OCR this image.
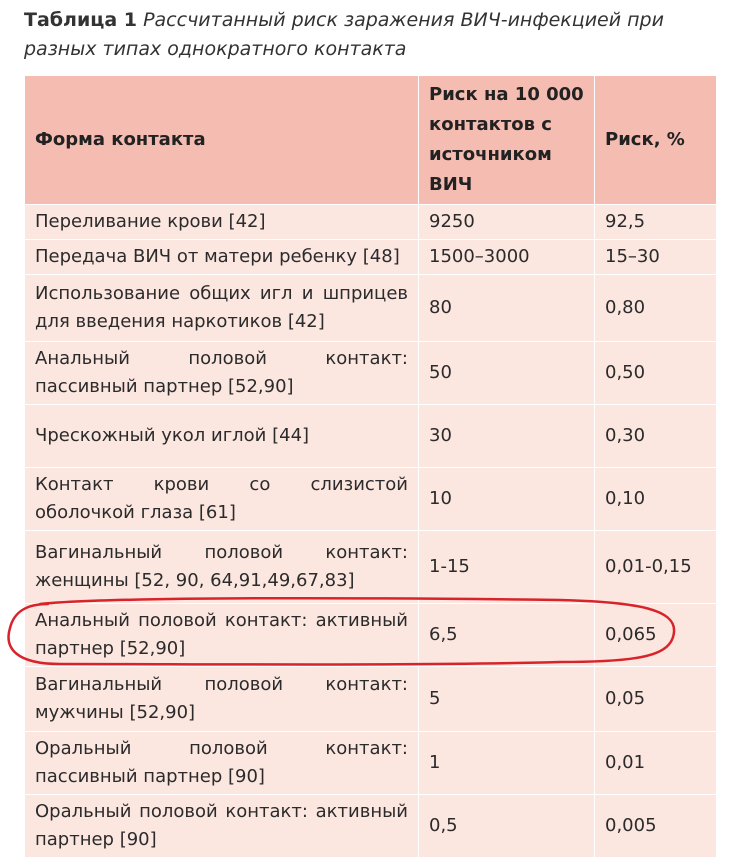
Таблица 1 Рассчитанный риск заражения ВИЧ-инфекцией при разных типах однократного контакта
Форма контакта	Риск на 10 000 контактов с источником ВИЧ	Риск, %
Переливание крови [42]	9250	92,5
Передача ВИЧ от матери ребенку [48]	1500–3000	15–30
Использование общих игл и шприцев для введения наркотиков [42]	80	0,80
Анальный половой контакт: пассивный партнер [52,90]	50	0,50
Чрескожный укол иглой [44]	30	0,30
Контакт крови со слизистой оболочкой глаза [61]	10	0,10
Вагинальный половой контакт: женщины [52, 90, 64,91,49,67,83]	1-15	0,01-0,15
Анальный половой контакт: активный партнер [52,90]	6,5	0,065
Вагинальный половой контакт: мужчины [52,90]	5	0,05
Оральный половой контакт: пассивный партнер [90]	1	0,01
Оральный половой контакт: активный партнер [90]	0,5	0,005
